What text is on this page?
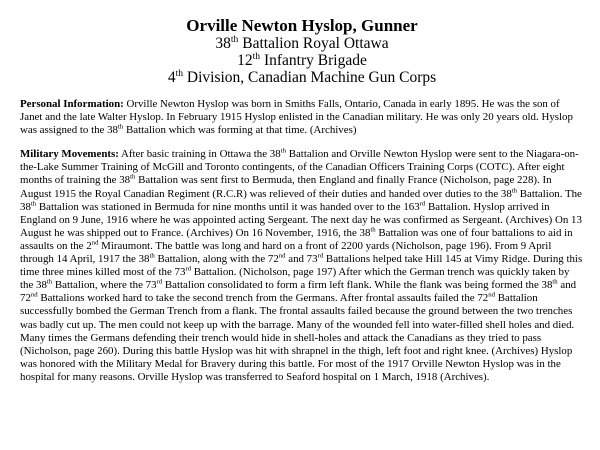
Orville Newton Hyslop, Gunner

38th Battalion Royal Ottawa

12th Infantry Brigade

4th Division, Canadian Machine Gun Corps

Personal Information: Orville Newton Hyslop was born in Smiths Falls, Ontario, Canada in early 1895. He was the son of Janet and the late Walter Hyslop. In February 1915 Hyslop enlisted in the Canadian military. He was only 20 years old. Hyslop was assigned to the 38th Battalion which was forming at that time. (Archives)

Military Movements: After basic training in Ottawa the 38th Battalion and Orville Newton Hyslop were sent to the Niagara-on-the-Lake Summer Training of McGill and Toronto contingents, of the Canadian Officers Training Corps (COTC). After eight months of training the 38th Battalion was sent first to Bermuda, then England and finally France (Nicholson, page 228). In August 1915 the Royal Canadian Regiment (R.C.R) was relieved of their duties and handed over duties to the 38th Battalion. The 38th Battalion was stationed in Bermuda for nine months until it was handed over to the 163rd Battalion. Hyslop arrived in England on 9 June, 1916 where he was appointed acting Sergeant. The next day he was confirmed as Sergeant. (Archives) On 13 August he was shipped out to France. (Archives) On 16 November, 1916, the 38th Battalion was one of four battalions to aid in assaults on the 2nd Miraumont. The battle was long and hard on a front of 2200 yards (Nicholson, page 196). From 9 April through 14 April, 1917 the 38th Battalion, along with the 72nd and 73rd Battalions helped take Hill 145 at Vimy Ridge. During this time three mines killed most of the 73rd Battalion. (Nicholson, page 197) After which the German trench was quickly taken by the 38th Battalion, where the 73rd Battalion consolidated to form a firm left flank. While the flank was being formed the 38th and 72nd Battalions worked hard to take the second trench from the Germans. After frontal assaults failed the 72nd Battalion successfully bombed the German Trench from a flank. The frontal assaults failed because the ground between the two trenches was badly cut up. The men could not keep up with the barrage. Many of the wounded fell into water-filled shell holes and died. Many times the Germans defending their trench would hide in shell-holes and attack the Canadians as they tried to pass (Nicholson, page 260). During this battle Hyslop was hit with shrapnel in the thigh, left foot and right knee. (Archives) Hyslop was honored with the Military Medal for Bravery during this battle. For most of the 1917 Orville Newton Hyslop was in the hospital for many reasons. Orville Hyslop was transferred to Seaford hospital on 1 March, 1918 (Archives).
